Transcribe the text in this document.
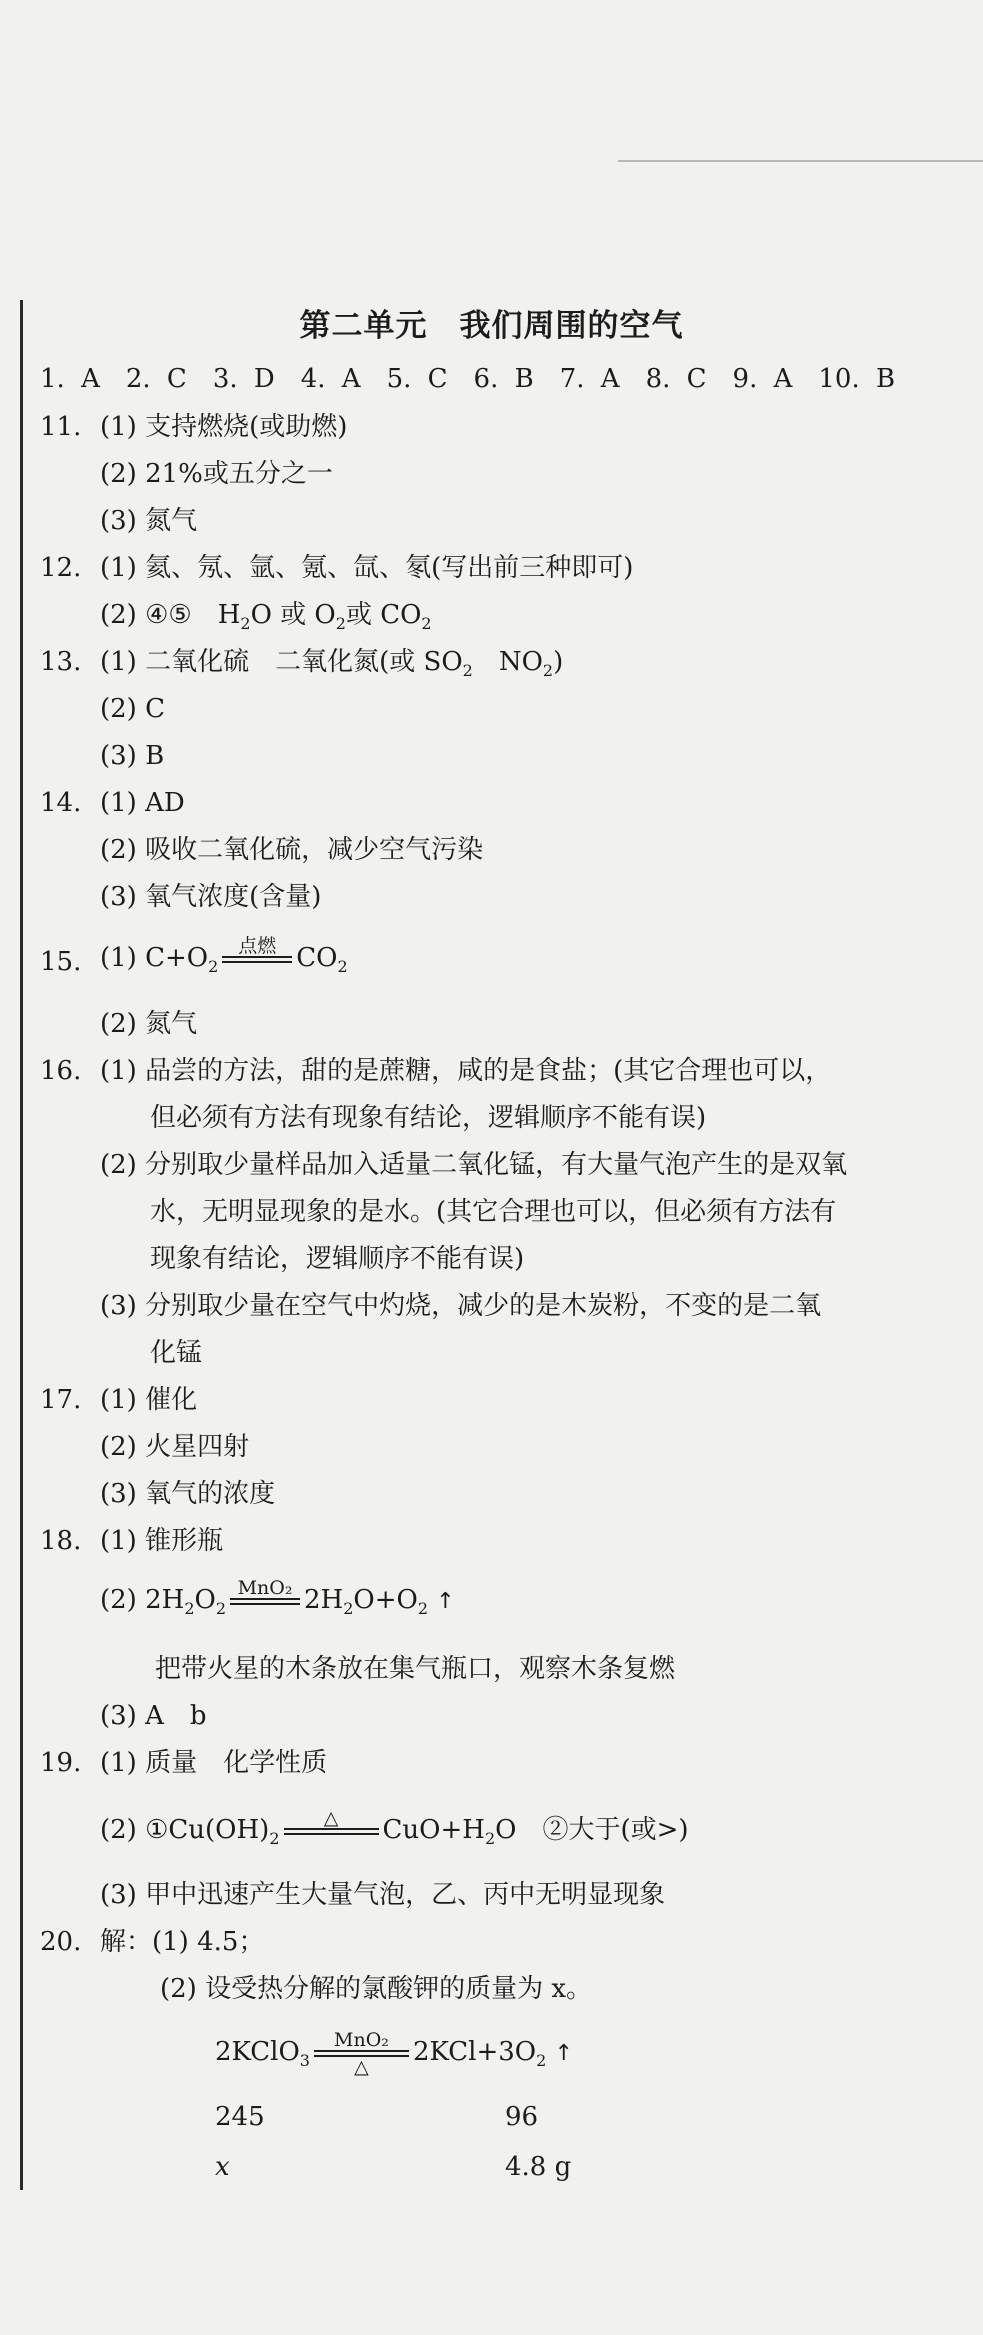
第二单元　我们周围的空气
1. A　2. C　3. D　4. A　5. C　6. B　7. A　8. C　9. A　10. B
11. (1) 支持燃烧(或助燃)
(2) 21%或五分之一
(3) 氮气
12. (1) 氦、氖、氩、氪、氙、氡(写出前三种即可)
(2) ④⑤　$H_2O$ 或 $O_2$或 $CO_2$
13. (1) 二氧化硫　二氧化氮(或 $SO_2$　$NO_2$)
(2) C
(3) B
14. (1) AD
(2) 吸收二氧化硫，减少空气污染
(3) 氧气浓度(含量)
15. (1) $C+O_2$
点燃
$CO_2$
(2) 氮气
16. (1) 品尝的方法，甜的是蔗糖，咸的是食盐；(其它合理也可以，
但必须有方法有现象有结论，逻辑顺序不能有误)
(2) 分别取少量样品加入适量二氧化锰，有大量气泡产生的是双氧
水，无明显现象的是水。(其它合理也可以，但必须有方法有
现象有结论，逻辑顺序不能有误)
(3) 分别取少量在空气中灼烧，减少的是木炭粉，不变的是二氧
化锰
17. (1) 催化
(2) 火星四射
(3) 氧气的浓度
18. (1) 锥形瓶
(2) $2H_2O_2$
MnO₂
$2H_2O+O_2$ ↑
把带火星的木条放在集气瓶口，观察木条复燃
(3) A　b
19. (1) 质量　化学性质
(2) $①Cu(OH)_2$
△
	$CuO+H_2O$　②大于(或>)
(3) 甲中迅速产生大量气泡，乙、丙中无明显现象
20. 解：(1) 4.5；
(2) 设受热分解的氯酸钾的质量为 x。
2KClO$_3$
MnO₂
△	$2KCl+3O_2$ ↑
245	96
x	4.8 g
